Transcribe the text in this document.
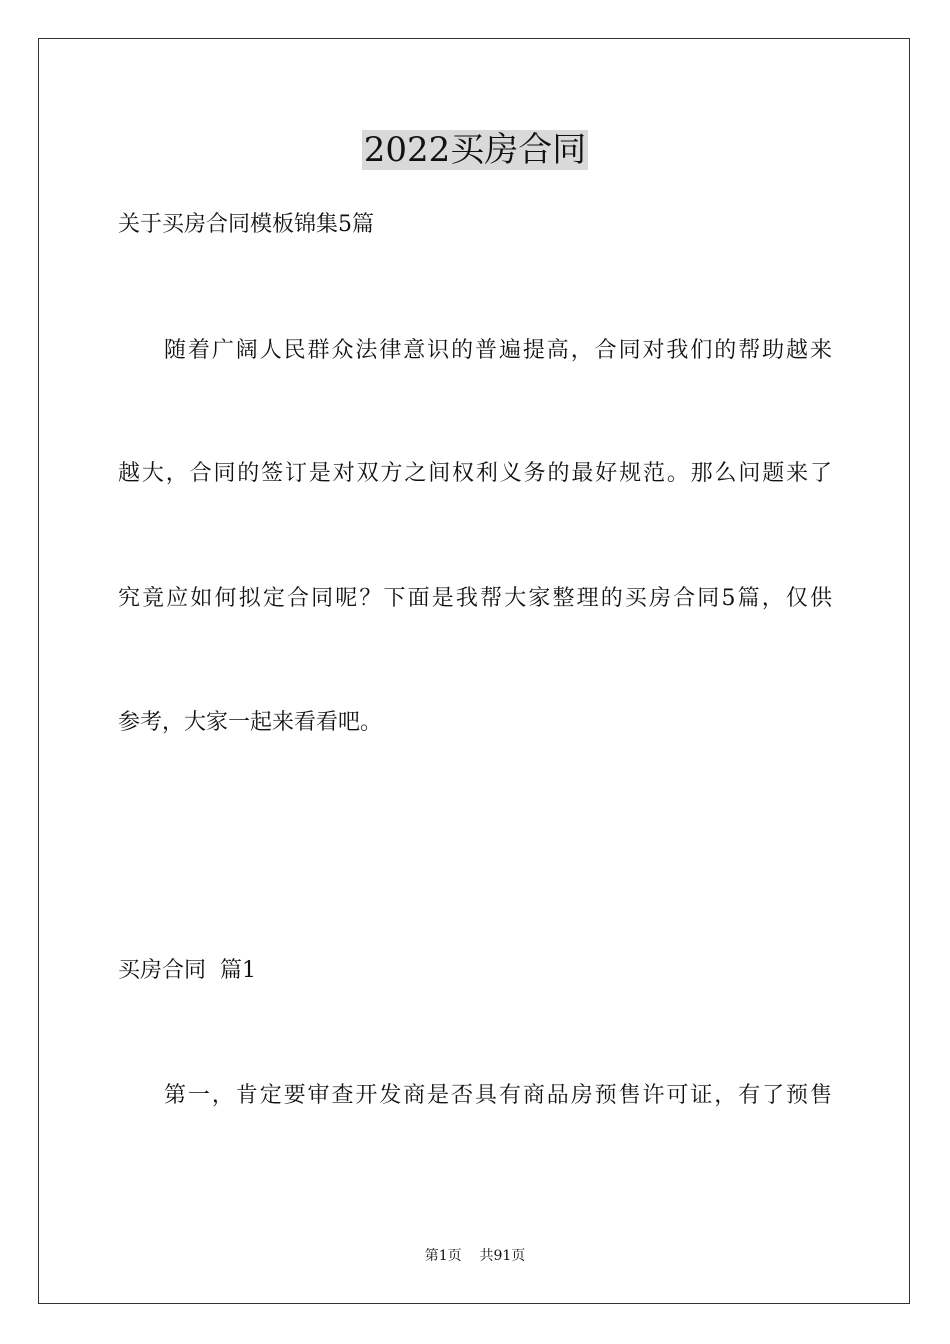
2022买房合同
关于买房合同模板锦集5篇
随着广阔人民群众法律意识的普遍提高，合同对我们的帮助越来
越大，合同的签订是对双方之间权利义务的最好规范。那么问题来了
究竟应如何拟定合同呢？下面是我帮大家整理的买房合同5篇，仅供
参考，大家一起来看看吧。
买房合同  篇1
第一，肯定要审查开发商是否具有商品房预售许可证，有了预售
第1页    共91页
